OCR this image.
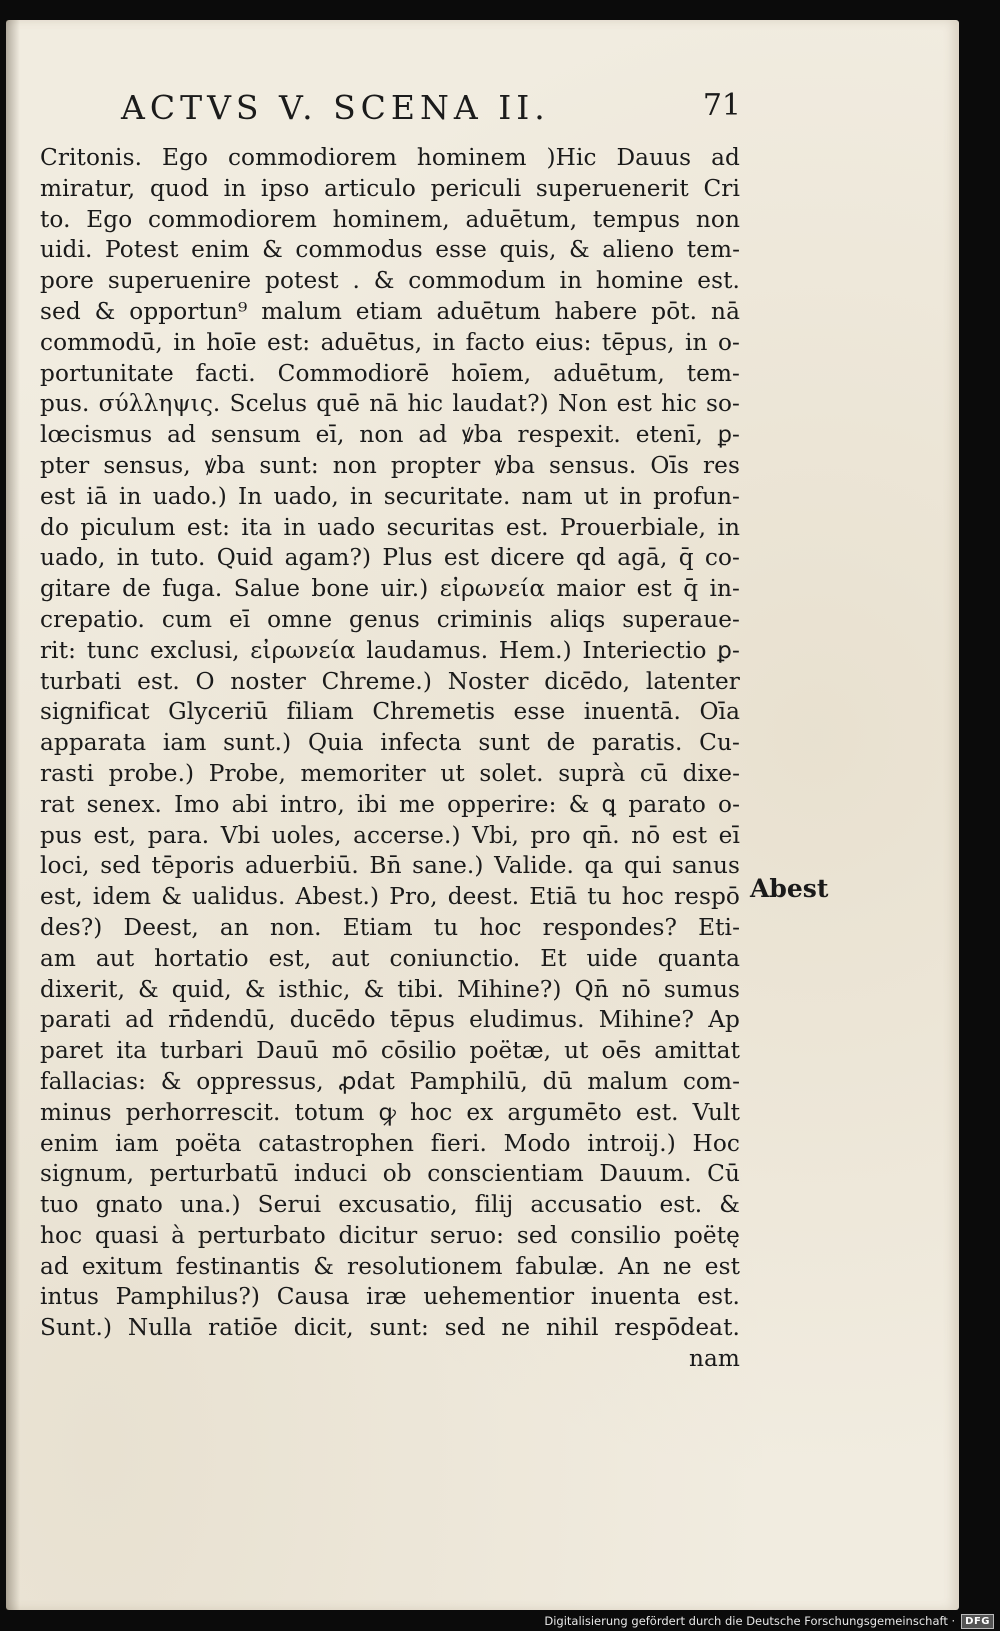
ACTVS V. SCENA II.	71
Critonis. Ego commodiorem hominem )Hic Dauus ad
miratur, quod in ipso articulo periculi superuenerit Cri
to. Ego commodiorem hominem, aduētum, tempus non
uidi. Potest enim & commodus esse quis, & alieno tem-
pore superuenire potest . & commodum in homine est.
sed & opportun⁹ malum etiam aduētum habere pōt. nā
commodū, in hoīe est: aduētus, in facto eius: tēpus, in o-
portunitate facti. Commodiorē hoīem, aduētum, tem-
pus. σύλληψις. Scelus quē nā hic laudat?) Non est hic so-
lœcismus ad sensum eī, non ad ꝟba respexit. etenī, ꝑ-
pter sensus, ꝟba sunt: non propter ꝟba sensus. Oīs res
est iā in uado.) In uado, in securitate. nam ut in profun-
do piculum est: ita in uado securitas est. Prouerbiale, in
uado, in tuto. Quid agam?) Plus est dicere qd agā, q̄ co-
gitare de fuga. Salue bone uir.) εἰρωνεία maior est q̄ in-
crepatio. cum eī omne genus criminis aliqs superaue-
rit: tunc exclusi, εἰρωνεία laudamus. Hem.) Interiectio ꝑ-
turbati est. O noster Chreme.) Noster dicēdo, latenter
significat Glyceriū filiam Chremetis esse inuentā. Oīa
apparata iam sunt.) Quia infecta sunt de paratis. Cu-
rasti probe.) Probe, memoriter ut solet. suprà cū dixe-
rat senex. Imo abi intro, ibi me opperire: & ꝗ parato o-
pus est, para. Vbi uoles, accerse.) Vbi, pro qn̄. nō est eī
loci, sed tēporis aduerbiū. Bn̄ sane.) Valide. qa qui sanus
est, idem & ualidus. Abest.) Pro, deest. Etiā tu hoc respō
des?) Deest, an non. Etiam tu hoc respondes? Eti-
am aut hortatio est, aut coniunctio. Et uide quanta
dixerit, & quid, & isthic, & tibi. Mihine?) Qn̄ nō sumus
parati ad rn̄dendū, ducēdo tēpus eludimus. Mihine? Ap
paret ita turbari Dauū mō cōsilio poëtæ, ut oēs amittat
fallacias: & oppressus, ꝓdat Pamphilū, dū malum com-
minus perhorrescit. totum ꝙ hoc ex argumēto est. Vult
enim iam poëta catastrophen fieri. Modo introij.) Hoc
signum, perturbatū induci ob conscientiam Dauum. Cū
tuo gnato una.) Serui excusatio, filij accusatio est. &
hoc quasi à perturbato dicitur seruo: sed consilio poëtę
ad exitum festinantis & resolutionem fabulæ. An ne est
intus Pamphilus?) Causa iræ uehementior inuenta est.
Sunt.) Nulla ratiōe dicit, sunt: sed ne nihil respōdeat.
nam
Abest
Digitalisierung gefördert durch die Deutsche Forschungsgemeinschaft ·	DFG
